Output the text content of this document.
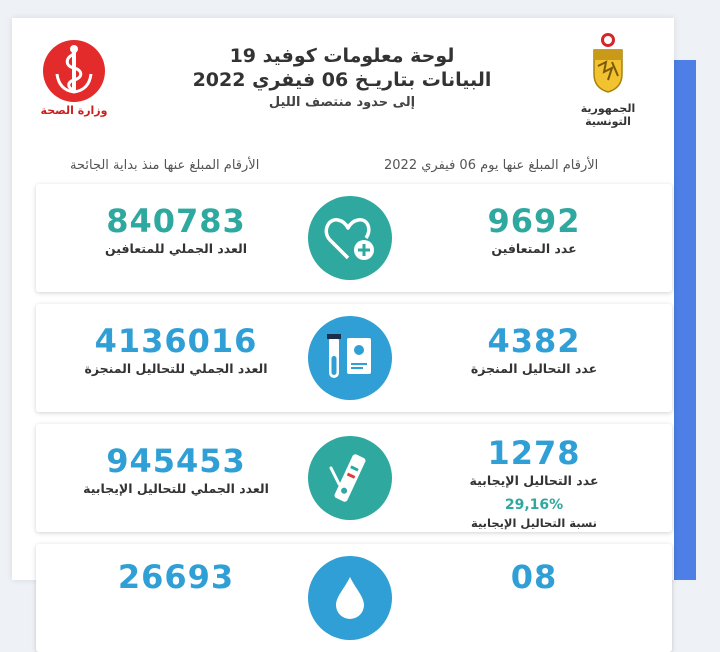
وزارة الصحة
لوحة معلومات كوفيد 19
البيانات بتاريـخ 06 فيفري 2022
إلى حدود منتصف الليل	الجمهورية التونسية
الأرقام المبلغ عنها يوم 06 فيفري 2022
الأرقام المبلغ عنها منذ بداية الجائحة
840783
العدد الجملي للمتعافين
9692
عدد المتعافين
4136016
العدد الجملي للتحاليل المنجزة
4382
عدد التحاليل المنجزة
945453
العدد الجملي للتحاليل الإيجابية
1278
عدد التحاليل الإيجابية
29,16%
نسبة التحاليل الإيجابية
26693	08
